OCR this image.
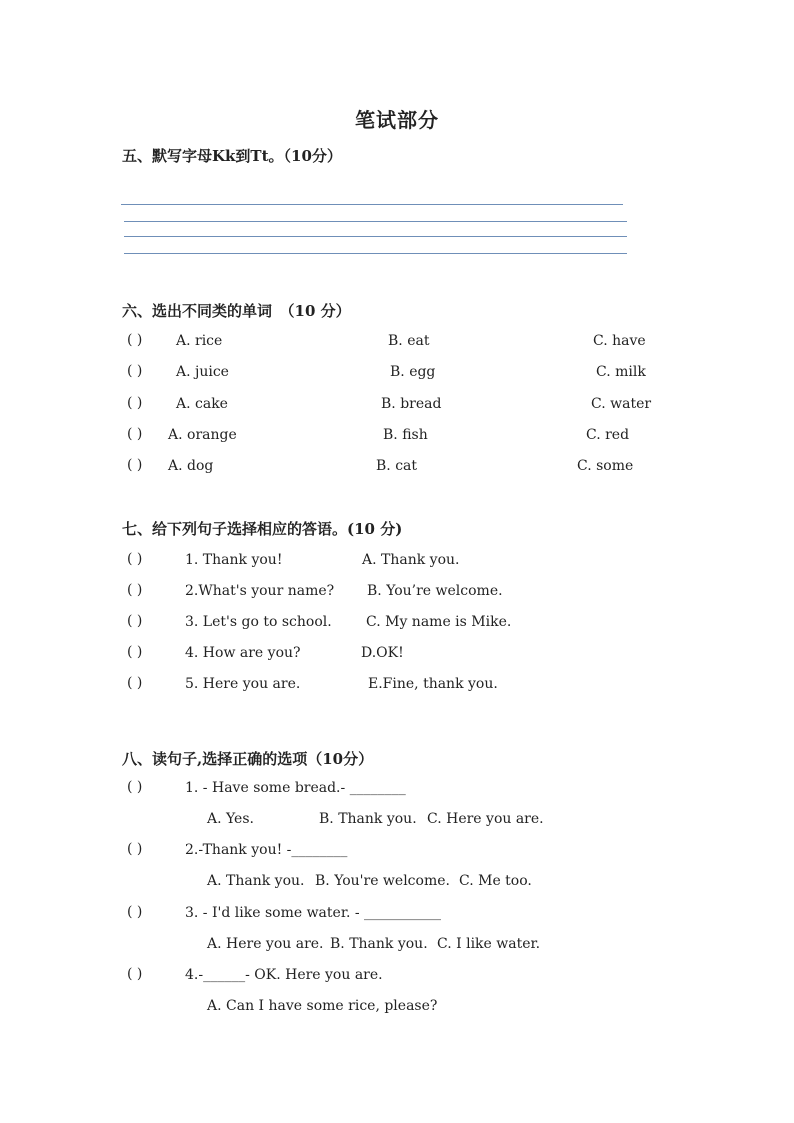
笔试部分
五、默写字母Kk到Tt。（10分）
六、选出不同类的单词　（10 分）
( ) A. rice	B. eat	C. have
( ) A. juice	B. egg	C. milk
( ) A. cake	B. bread	C. water
( ) A. orange	B. fish	C. red
( ) A. dog	B. cat	C. some
七、给下列句子选择相应的答语。(10 分)
( )	1. Thank you!	A. Thank you.
( )	2.What's your name? B. You’re welcome.
( )	3. Let's go to school. C. My name is Mike.
( )	4. How are you?	D.OK!
( )	5. Here you are.	E.Fine, thank you.
八、读句子,选择正确的选项（10分）
( )	1. - Have some bread.- ________
A. Yes.	B. Thank you. C. Here you are.
( )	2.-Thank you! -________
A. Thank you. B. You're welcome. C. Me too.
( )	3. - I'd like some water. - ___________
A. Here you are. B. Thank you. C. I like water.
( )	4.-______- OK. Here you are.
A. Can I have some rice, please?
